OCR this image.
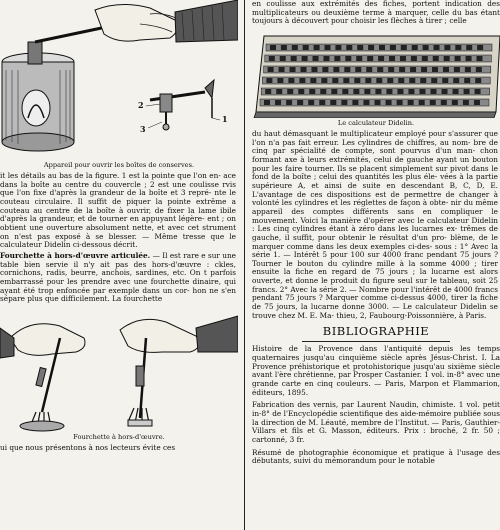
2
3
1
Appareil pour ouvrir les boîtes de conserves.

it les détails au bas de la figure. 1 est la pointe que l'on en- ace dans la boîte au centre du couvercle ; 2 est une coulisse rvis que l'on fixe d'après la grandeur de la boîte et 3 repré- nte le couteau circulaire. Il suffit de piquer la pointe extrême a couteau au centre de la boîte à ouvrir, de fixer la lame ibile d'après la grandeur, et de tourner en appuyant légère- ent ; on obtient une ouverture absolument nette, et avec cet strument on n'est pas exposé à se blesser. — Même tresse que le calculateur Didelin ci-dessous décrit.

Fourchette à hors-d'œuvre articulée. — Il est rare e sur une table bien servie il n'y ait pas des hors-d'œuvre : ckles, cornichons, radis, beurre, anchois, sardines, etc. On t parfois embarrassé pour les prendre avec une fourchette dinaire, qui ayant été trop enfoncée par exemple dans un cor- hon ne s'en sépare plus que difficilement. La fourchette

Fourchette à hors-d'œuvre.

ui que nous présentons à nos lecteurs évite ces

en coulisse aux extrémités des fiches, portent indication des multiplicateurs ou deuxième terme à marquer, celle du bas étant toujours à découvert pour choisir les flèches à tirer ; celle

Le calculateur Didelin.

du haut démasquant le multiplicateur employé pour s'assurer que l'on n'a pas fait erreur. Les cylindres de chiffres, au nom- bre de cinq par spécialité de compte, sont pourvus d'un man- chon formant axe à leurs extrémités, celui de gauche ayant un bouton pour les faire tourner. Ils se placent simplement sur pivot dans le fond de la boîte ; celui des quantités les plus éle- vées à la partie supérieure A, et ainsi de suite en descendant B, C, D, E. L'avantage de ces dispositions est de permettre de changer à volonté les cylindres et les réglettes de façon à obte- nir du même appareil des comptes différents sans en compliquer le mouvement. Voici la manière d'opérer avec le calculateur Didelin : Les cinq cylindres étant à zéro dans les lucarnes ex- trêmes de gauche, il suffit, pour obtenir le résultat d'un pro- blème, de le marquer comme dans les deux exemples ci-des- sous : 1° Avec la série 1. — Intérêt 5 pour 100 sur 4000 franc pendant 75 jours ? Tourner le bouton du cylindre mille à la somme 4000 ; tirer ensuite la fiche en regard de 75 jours ; la lucarne est alors ouverte, et donne le produit du figure seul sur le tableau, soit 25 francs. 2° Avec la série 2. — Nombre pour l'intérêt de 4000 francs pendant 75 jours ? Marquer comme ci-dessus 4000, tirer la fiche de 75 jours, la lucarne donne 3000. — Le calculateur Didelin se trouve chez M. E. Ma- thieu, 2, Faubourg-Poissonnière, à Paris.

BIBLIOGRAPHIE

Histoire de la Provence dans l'antiquité depuis les temps quaternaires jusqu'au cinquième siècle après Jésus-Christ. I. La Provence préhistorique et protohistorique jusqu'au sixième siècle avant l'ère chrétienne, par Prosper Castanier. 1 vol. in-8° avec une grande carte en cinq couleurs. — Paris, Marpon et Flammarion, éditeurs, 1895.

Fabrication des vernis, par Laurent Naudin, chimiste. 1 vol. petit in-8° de l'Encyclopédie scientifique des aide-mémoire publiée sous la direction de M. Léauté, membre de l'Institut. — Paris, Gauthier-Villars et fils et G. Masson, éditeurs. Prix : broché, 2 fr. 50 ; cartonné, 3 fr.

Résumé de photographie économique et pratique à l'usage des débutants, suivi du mémorandum pour le notable
